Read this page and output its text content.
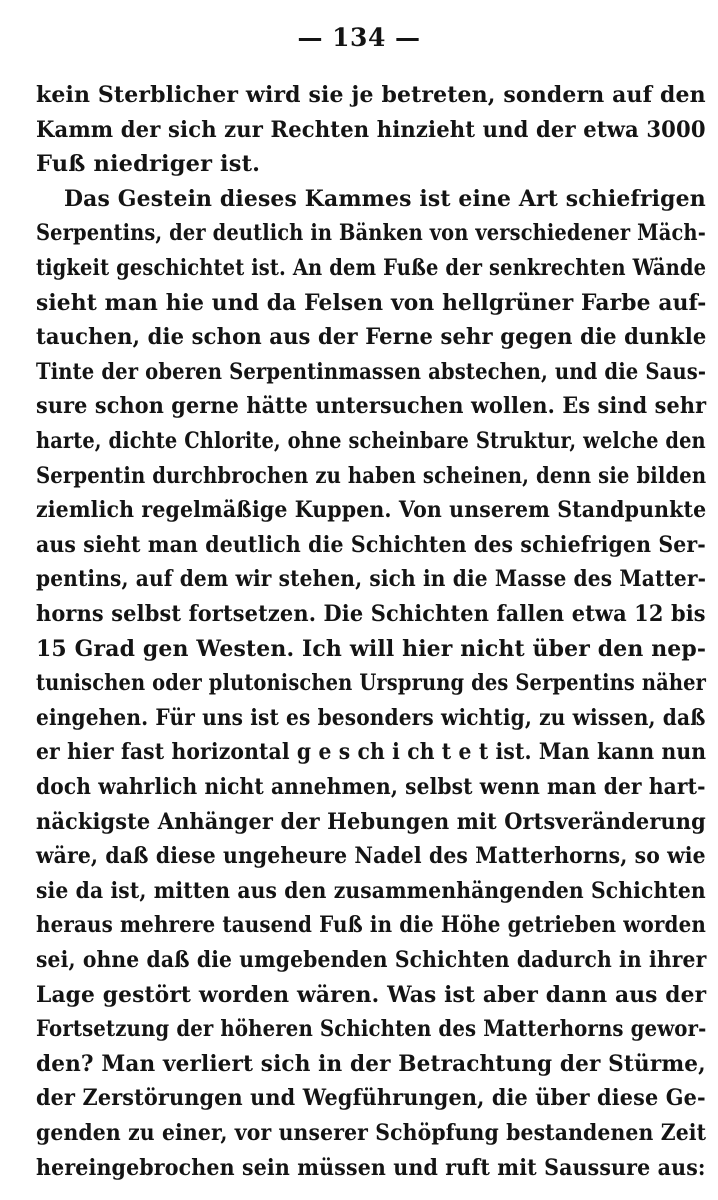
— 134 —
kein Sterblicher wird sie je betreten, sondern auf den
Kamm der sich zur Rechten hinzieht und der etwa 3000
Fuß niedriger ist.
Das Gestein dieses Kammes ist eine Art schiefrigen
Serpentins, der deutlich in Bänken von verschiedener Mäch-
tigkeit geschichtet ist. An dem Fuße der senkrechten Wände
sieht man hie und da Felsen von hellgrüner Farbe auf-
tauchen, die schon aus der Ferne sehr gegen die dunkle
Tinte der oberen Serpentinmassen abstechen, und die Saus-
sure schon gerne hätte untersuchen wollen. Es sind sehr
harte, dichte Chlorite, ohne scheinbare Struktur, welche den
Serpentin durchbrochen zu haben scheinen, denn sie bilden
ziemlich regelmäßige Kuppen. Von unserem Standpunkte
aus sieht man deutlich die Schichten des schiefrigen Ser-
pentins, auf dem wir stehen, sich in die Masse des Matter-
horns selbst fortsetzen. Die Schichten fallen etwa 12 bis
15 Grad gen Westen. Ich will hier nicht über den nep-
tunischen oder plutonischen Ursprung des Serpentins näher
eingehen. Für uns ist es besonders wichtig, zu wissen, daß
er hier fast horizontal g e s ch i ch t e t ist. Man kann nun
doch wahrlich nicht annehmen, selbst wenn man der hart-
näckigste Anhänger der Hebungen mit Ortsveränderung
wäre, daß diese ungeheure Nadel des Matterhorns, so wie
sie da ist, mitten aus den zusammenhängenden Schichten
heraus mehrere tausend Fuß in die Höhe getrieben worden
sei, ohne daß die umgebenden Schichten dadurch in ihrer
Lage gestört worden wären. Was ist aber dann aus der
Fortsetzung der höheren Schichten des Matterhorns gewor-
den? Man verliert sich in der Betrachtung der Stürme,
der Zerstörungen und Wegführungen, die über diese Ge-
genden zu einer, vor unserer Schöpfung bestandenen Zeit
hereingebrochen sein müssen und ruft mit Saussure aus:
